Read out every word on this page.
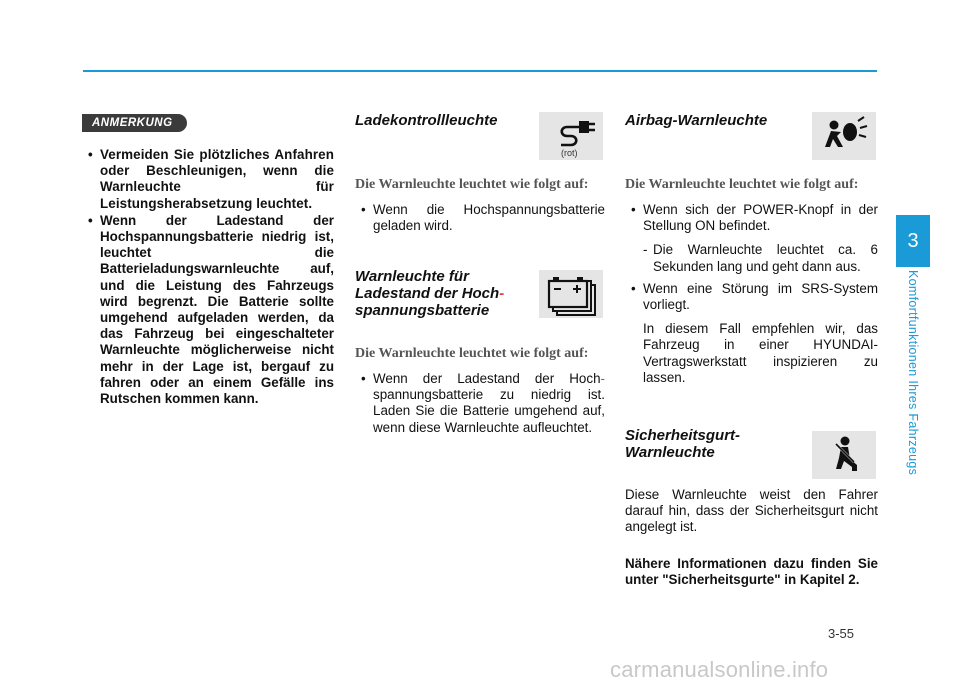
3
Komfortfunktionen Ihres Fahrzeugs
ANMERKUNG
• Vermeiden Sie plötzliches Anfahren oder Beschleunigen, wenn die Warnleuchte für Leistungsherabsetzung leuchtet.
• Wenn der Ladestand der Hochspannungsbatterie niedrig ist, leuchtet die Batterieladungswarnleuchte auf, und die Leistung des Fahrzeugs wird begrenzt. Die Batterie sollte umgehend aufgeladen werden, da das Fahrzeug bei eingeschalteter Warnleuchte möglicherweise nicht mehr in der Lage ist, bergauf zu fahren oder an einem Gefälle ins Rutschen kommen kann.
Ladekontrollleuchte
(rot)
Die Warnleuchte leuchtet wie folgt auf:
• Wenn die Hochspannungsbatterie geladen wird.
Warnleuchte für
Ladestand der Hoch-
spannungsbatterie
Die Warnleuchte leuchtet wie folgt auf:
• Wenn der Ladestand der Hoch- spannungsbatterie zu niedrig ist. Laden Sie die Batterie umgehend auf, wenn diese Warnleuchte aufleuchtet.
Airbag-Warnleuchte
Die Warnleuchte leuchtet wie folgt auf:
• Wenn sich der POWER-Knopf in der Stellung ON befindet.
- Die Warnleuchte leuchtet ca. 6 Sekunden lang und geht dann aus.
• Wenn eine Störung im SRS-System vorliegt.
In diesem Fall empfehlen wir, das Fahrzeug in einer HYUNDAI-Vertragswerkstatt inspizieren zu lassen.
Sicherheitsgurt-
Warnleuchte

Diese Warnleuchte weist den Fahrer darauf hin, dass der Sicherheitsgurt nicht angelegt ist.

Nähere Informationen dazu finden Sie unter "Sicherheitsgurte" in Kapitel 2.

3-55
carmanualsonline.info
